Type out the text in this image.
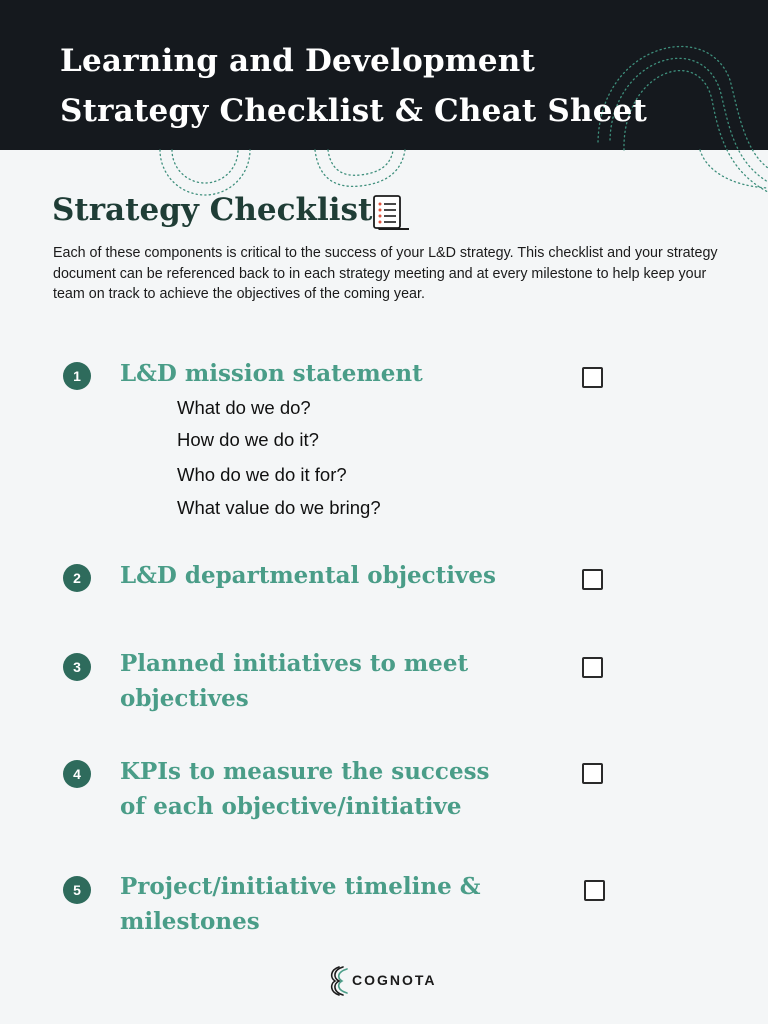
Learning and Development
Strategy Checklist & Cheat Sheet
Strategy Checklist

Each of these components is critical to the success of your L&D strategy. This checklist and your strategy document can be referenced back to in each strategy meeting and at every milestone to help keep your team on track to achieve the objectives of the coming year.

1	L&D mission statement

What do we do?

How do we do it?

Who do we do it for?

What value do we bring?

2	L&D departmental objectives
3	Planned initiatives to meet
objectives
4	KPIs to measure the success
of each objective/initiative
5	Project/initiative timeline &
milestones
COGNOTA
